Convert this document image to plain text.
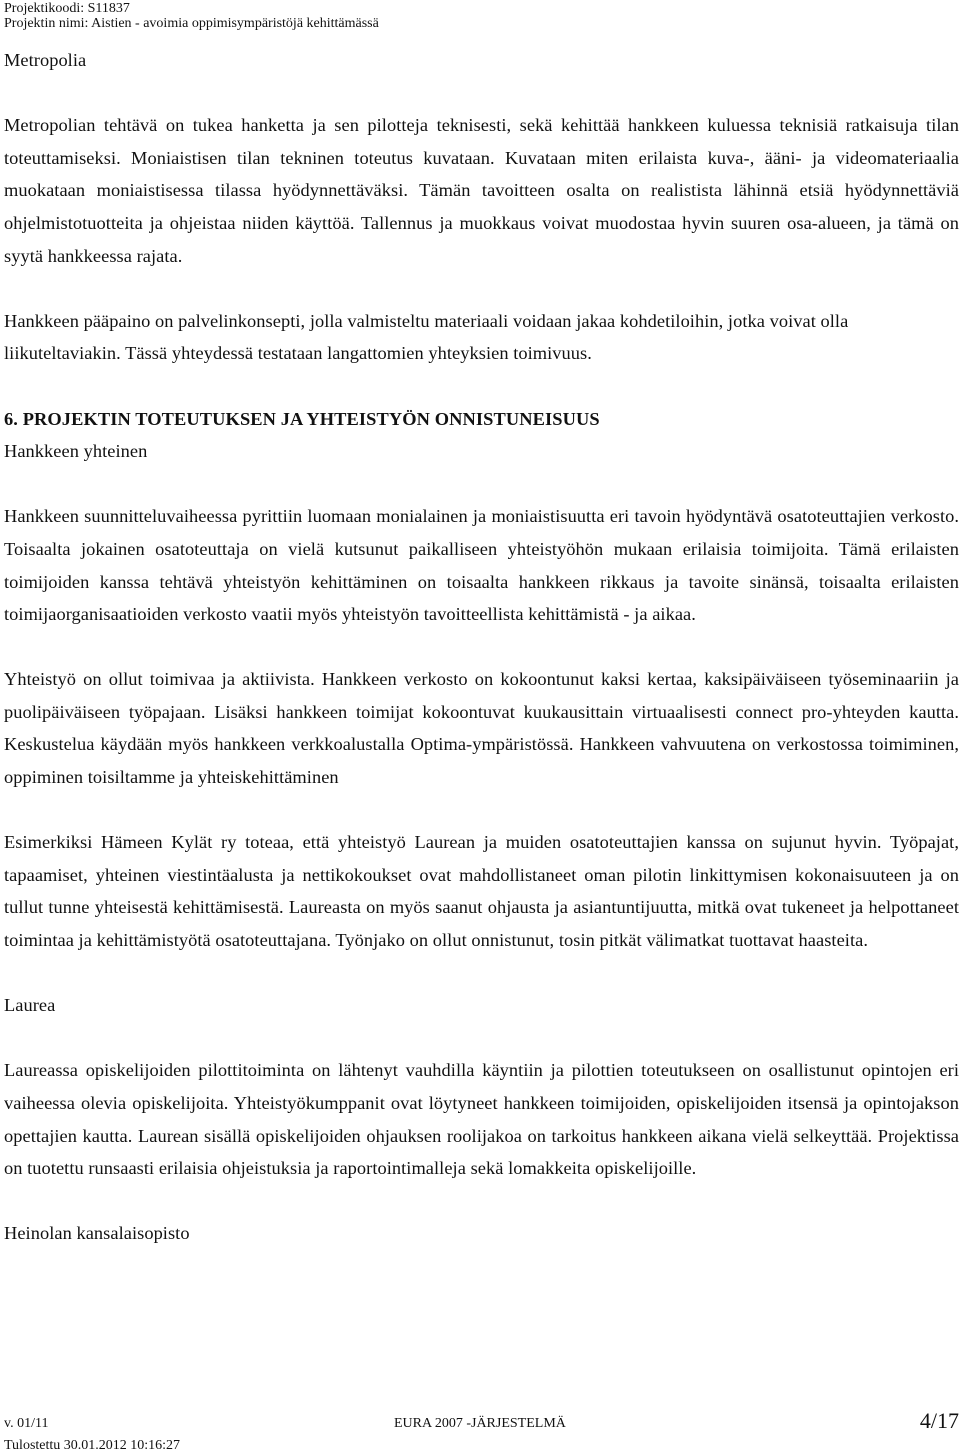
Projektikoodi: S11837
Projektin nimi: Aistien - avoimia oppimisympäristöjä kehittämässä

Metropolia

Metropolian tehtävä on tukea hanketta ja sen pilotteja teknisesti, sekä kehittää hankkeen kuluessa teknisiä ratkaisuja tilan toteuttamiseksi. Moniaistisen tilan tekninen toteutus kuvataan. Kuvataan miten erilaista kuva-, ääni- ja videomateriaalia muokataan moniaistisessa tilassa hyödynnettäväksi. Tämän tavoitteen osalta on realistista lähinnä etsiä hyödynnettäviä ohjelmistotuotteita ja ohjeistaa niiden käyttöä. Tallennus ja muokkaus voivat muodostaa hyvin suuren osa-alueen, ja tämä on syytä hankkeessa rajata.

Hankkeen pääpaino on palvelinkonsepti, jolla valmisteltu materiaali voidaan jakaa kohdetiloihin, jotka voivat olla liikuteltaviakin. Tässä yhteydessä testataan langattomien yhteyksien toimivuus.

6. PROJEKTIN TOTEUTUKSEN JA YHTEISTYÖN ONNISTUNEISUUS

Hankkeen yhteinen

Hankkeen suunnitteluvaiheessa pyrittiin luomaan monialainen ja moniaistisuutta eri tavoin hyödyntävä osatoteuttajien verkosto. Toisaalta jokainen osatoteuttaja on vielä kutsunut paikalliseen yhteistyöhön mukaan erilaisia toimijoita. Tämä erilaisten toimijoiden kanssa tehtävä yhteistyön kehittäminen on toisaalta hankkeen rikkaus ja tavoite sinänsä, toisaalta erilaisten toimijaorganisaatioiden verkosto vaatii myös yhteistyön tavoitteellista kehittämistä - ja aikaa.

Yhteistyö on ollut toimivaa ja aktiivista. Hankkeen verkosto on kokoontunut kaksi kertaa, kaksipäiväiseen työseminaariin ja puolipäiväiseen työpajaan. Lisäksi hankkeen toimijat kokoontuvat kuukausittain virtuaalisesti connect pro-yhteyden kautta. Keskustelua käydään myös hankkeen verkkoalustalla Optima-ympäristössä. Hankkeen vahvuutena on verkostossa toimiminen, oppiminen toisiltamme ja yhteiskehittäminen

Esimerkiksi Hämeen Kylät ry toteaa, että yhteistyö Laurean ja muiden osatoteuttajien kanssa on sujunut hyvin. Työpajat, tapaamiset, yhteinen viestintäalusta ja nettikokoukset ovat mahdollistaneet oman pilotin linkittymisen kokonaisuuteen ja on tullut tunne yhteisestä kehittämisestä. Laureasta on myös saanut ohjausta ja asiantuntijuutta, mitkä ovat tukeneet ja helpottaneet toimintaa ja kehittämistyötä osatoteuttajana. Työnjako on ollut onnistunut, tosin pitkät välimatkat tuottavat haasteita.

Laurea

Laureassa opiskelijoiden pilottitoiminta on lähtenyt vauhdilla käyntiin ja pilottien toteutukseen on osallistunut opintojen eri vaiheessa olevia opiskelijoita. Yhteistyökumppanit ovat löytyneet hankkeen toimijoiden, opiskelijoiden itsensä ja opintojakson opettajien kautta. Laurean sisällä opiskelijoiden ohjauksen roolijakoa on tarkoitus hankkeen aikana vielä selkeyttää. Projektissa on tuotettu runsaasti erilaisia ohjeistuksia ja raportointimalleja sekä lomakkeita opiskelijoille.

Heinolan kansalaisopisto

v. 01/11	EURA 2007 -JÄRJESTELMÄ	4/17
Tulostettu 30.01.2012 10:16:27
